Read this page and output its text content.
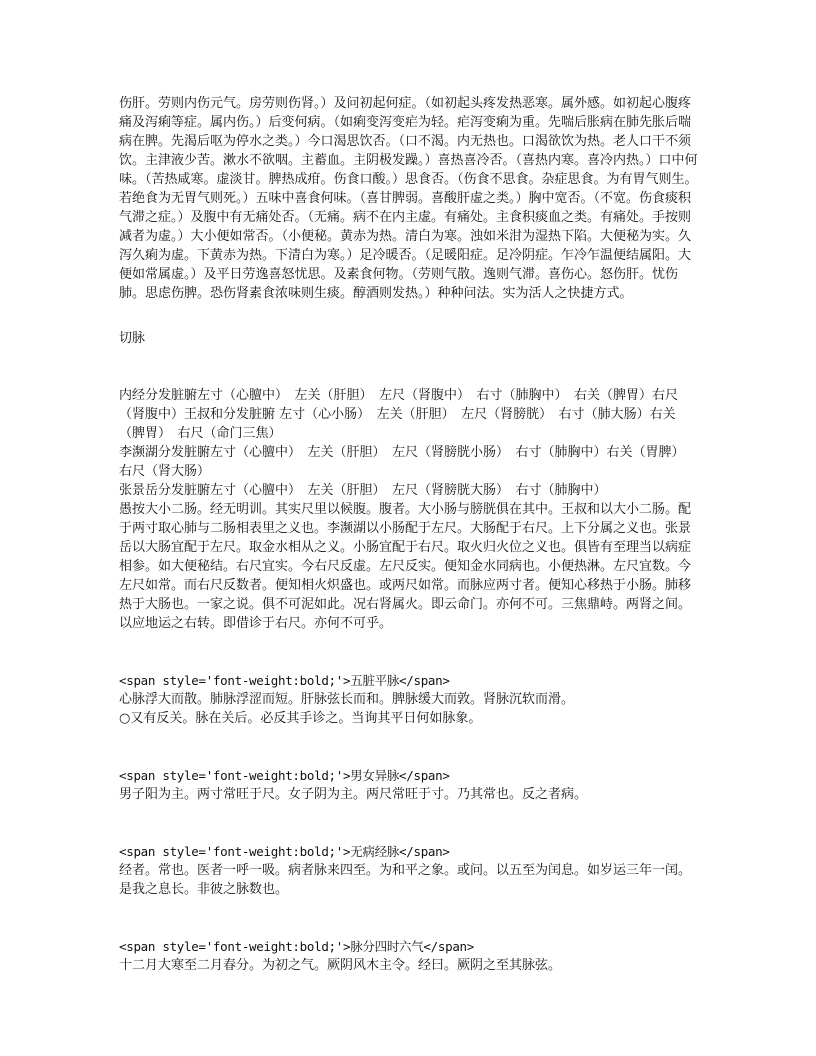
伤肝。劳则内伤元气。房劳则伤肾。）及问初起何症。（如初起头疼发热恶寒。属外感。如初起心腹疼痛及泻痢等症。属内伤。）后变何病。（如痢变泻变疟为轻。疟泻变痢为重。先喘后胀病在肺先胀后喘病在脾。先渴后呕为停水之类。）今口渴思饮否。（口不渴。内无热也。口渴欲饮为热。老人口干不须饮。主津液少苦。漱水不欲咽。主蓄血。主阴极发躁。）喜热喜冷否。（喜热内寒。喜冷内热。）口中何味。（苦热咸寒。虚淡甘。脾热成疳。伤食口酸。）思食否。（伤食不思食。杂症思食。为有胃气则生。若绝食为无胃气则死。）五味中喜食何味。（喜甘脾弱。喜酸肝虚之类。）胸中宽否。（不宽。伤食痰积气滞之症。）及腹中有无痛处否。（无痛。病不在内主虚。有痛处。主食积痰血之类。有痛处。手按则减者为虚。）大小便如常否。（小便秘。黄赤为热。清白为寒。浊如米泔为湿热下陷。大便秘为实。久泻久痢为虚。下黄赤为热。下清白为寒。）足冷暖否。（足暖阳症。足冷阴症。乍冷乍温便结属阳。大便如常属虚。）及平日劳逸喜怒忧思。及素食何物。（劳则气散。逸则气滞。喜伤心。怒伤肝。忧伤肺。思虑伤脾。恐伤肾素食浓味则生痰。醇酒则发热。）种种问法。实为活人之快捷方式。

切脉

内经分发脏腑左寸（心膻中）　左关（肝胆）　左尺（肾腹中）　右寸（肺胸中）　右关（脾胃）右尺（肾腹中）王叔和分发脏腑 左寸（心小肠）　左关（肝胆）　左尺（肾膀胱）　右寸（肺大肠）右关（脾胃）　右尺（命门三焦）

李濒湖分发脏腑左寸（心膻中）　左关（肝胆）　左尺（肾膀胱小肠）　右寸（肺胸中）右关（胃脾）　右尺（肾大肠）

张景岳分发脏腑左寸（心膻中）　左关（肝胆）　左尺（肾膀胱大肠）　右寸（肺胸中）

愚按大小二肠。经无明训。其实尺里以候腹。腹者。大小肠与膀胱俱在其中。王叔和以大小二肠。配于两寸取心肺与二肠相表里之义也。李濒湖以小肠配于左尺。大肠配于右尺。上下分属之义也。张景岳以大肠宜配于左尺。取金水相从之义。小肠宜配于右尺。取火归火位之义也。俱皆有至理当以病症相参。如大便秘结。右尺宜实。今右尺反虚。左尺反实。便知金水同病也。小便热淋。左尺宜数。今左尺如常。而右尺反数者。便知相火炽盛也。或两尺如常。而脉应两寸者。便知心移热于小肠。肺移热于大肠也。一家之说。俱不可泥如此。况右肾属火。即云命门。亦何不可。三焦鼎峙。两肾之间。以应地运之右转。即借诊于右尺。亦何不可乎。

<span style='font-weight:bold;'>五脏平脉</span>

心脉浮大而散。肺脉浮涩而短。肝脉弦长而和。脾脉缓大而敦。肾脉沉软而滑。

○又有反关。脉在关后。必反其手诊之。当询其平日何如脉象。

<span style='font-weight:bold;'>男女异脉</span>

男子阳为主。两寸常旺于尺。女子阴为主。两尺常旺于寸。乃其常也。反之者病。

<span style='font-weight:bold;'>无病经脉</span>

经者。常也。医者一呼一吸。病者脉来四至。为和平之象。或问。以五至为闰息。如岁运三年一闰。是我之息长。非彼之脉数也。

<span style='font-weight:bold;'>脉分四时六气</span>

十二月大寒至二月春分。为初之气。厥阴风木主令。经曰。厥阴之至其脉弦。
